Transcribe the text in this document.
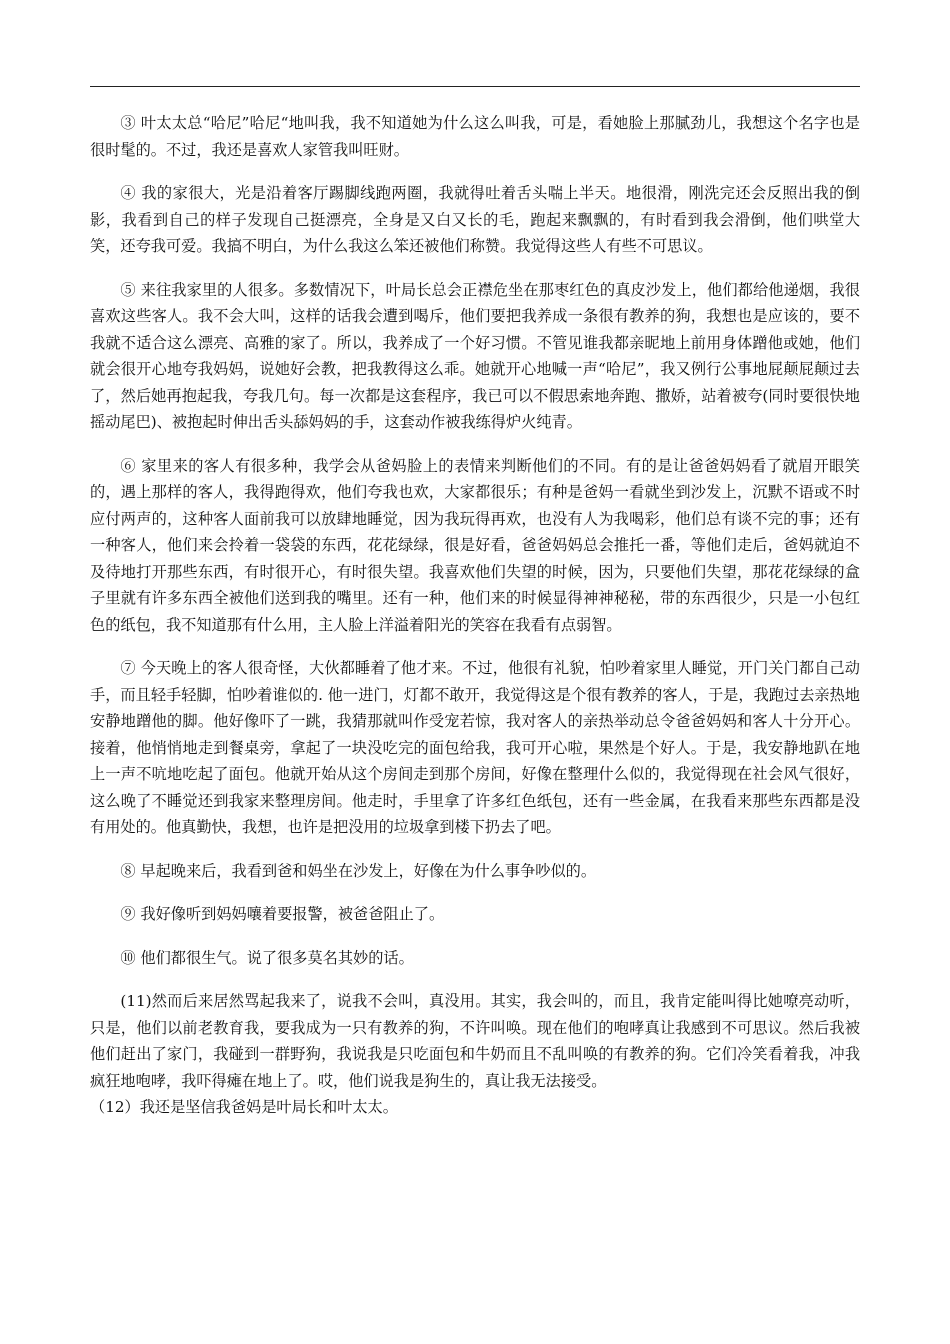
③ 叶太太总“哈尼”哈尼“地叫我，我不知道她为什么这么叫我，可是，看她脸上那腻劲儿，我想这个名字也是很时髦的。不过，我还是喜欢人家管我叫旺财。

④ 我的家很大，光是沿着客厅踢脚线跑两圈，我就得吐着舌头喘上半天。地很滑，刚洗完还会反照出我的倒影，我看到自己的样子发现自己挺漂亮，全身是又白又长的毛，跑起来飘飘的，有时看到我会滑倒，他们哄堂大笑，还夸我可爱。我搞不明白，为什么我这么笨还被他们称赞。我觉得这些人有些不可思议。

⑤ 来往我家里的人很多。多数情况下，叶局长总会正襟危坐在那枣红色的真皮沙发上，他们都给他递烟，我很喜欢这些客人。我不会大叫，这样的话我会遭到喝斥，他们要把我养成一条很有教养的狗，我想也是应该的，要不我就不适合这么漂亮、高雅的家了。所以，我养成了一个好习惯。不管见谁我都亲昵地上前用身体蹭他或她，他们就会很开心地夸我妈妈，说她好会教，把我教得这么乖。她就开心地喊一声“哈尼”，我又例行公事地屁颠屁颠过去了，然后她再抱起我，夸我几句。每一次都是这套程序，我已可以不假思索地奔跑、撒娇，站着被夸(同时要很快地摇动尾巴)、被抱起时伸出舌头舔妈妈的手，这套动作被我练得炉火纯青。

⑥ 家里来的客人有很多种，我学会从爸妈脸上的表情来判断他们的不同。有的是让爸爸妈妈看了就眉开眼笑的，遇上那样的客人，我得跑得欢，他们夸我也欢，大家都很乐；有种是爸妈一看就坐到沙发上，沉默不语或不时应付两声的，这种客人面前我可以放肆地睡觉，因为我玩得再欢，也没有人为我喝彩，他们总有谈不完的事；还有一种客人，他们来会拎着一袋袋的东西，花花绿绿，很是好看，爸爸妈妈总会推托一番，等他们走后，爸妈就迫不及待地打开那些东西，有时很开心，有时很失望。我喜欢他们失望的时候，因为，只要他们失望，那花花绿绿的盒子里就有许多东西全被他们送到我的嘴里。还有一种，他们来的时候显得神神秘秘，带的东西很少，只是一小包红色的纸包，我不知道那有什么用，主人脸上洋溢着阳光的笑容在我看有点弱智。

⑦ 今天晚上的客人很奇怪，大伙都睡着了他才来。不过，他很有礼貌，怕吵着家里人睡觉，开门关门都自己动手，而且轻手轻脚，怕吵着谁似的. 他一进门，灯都不敢开，我觉得这是个很有教养的客人，于是，我跑过去亲热地安静地蹭他的脚。他好像吓了一跳，我猜那就叫作受宠若惊，我对客人的亲热举动总令爸爸妈妈和客人十分开心。接着，他悄悄地走到餐桌旁，拿起了一块没吃完的面包给我，我可开心啦，果然是个好人。于是，我安静地趴在地上一声不吭地吃起了面包。他就开始从这个房间走到那个房间，好像在整理什么似的，我觉得现在社会风气很好，这么晚了不睡觉还到我家来整理房间。他走时，手里拿了许多红色纸包，还有一些金属，在我看来那些东西都是没有用处的。他真勤快，我想，也许是把没用的垃圾拿到楼下扔去了吧。

⑧ 早起晚来后，我看到爸和妈坐在沙发上，好像在为什么事争吵似的。

⑨ 我好像听到妈妈嚷着要报警，被爸爸阻止了。

⑩ 他们都很生气。说了很多莫名其妙的话。

(11)然而后来居然骂起我来了，说我不会叫，真没用。其实，我会叫的，而且，我肯定能叫得比她嘹亮动听，只是，他们以前老教育我，要我成为一只有教养的狗，不许叫唤。现在他们的咆哮真让我感到不可思议。然后我被他们赶出了家门，我碰到一群野狗，我说我是只吃面包和牛奶而且不乱叫唤的有教养的狗。它们冷笑看着我，冲我疯狂地咆哮，我吓得瘫在地上了。哎，他们说我是狗生的，真让我无法接受。

（12）我还是坚信我爸妈是叶局长和叶太太。
